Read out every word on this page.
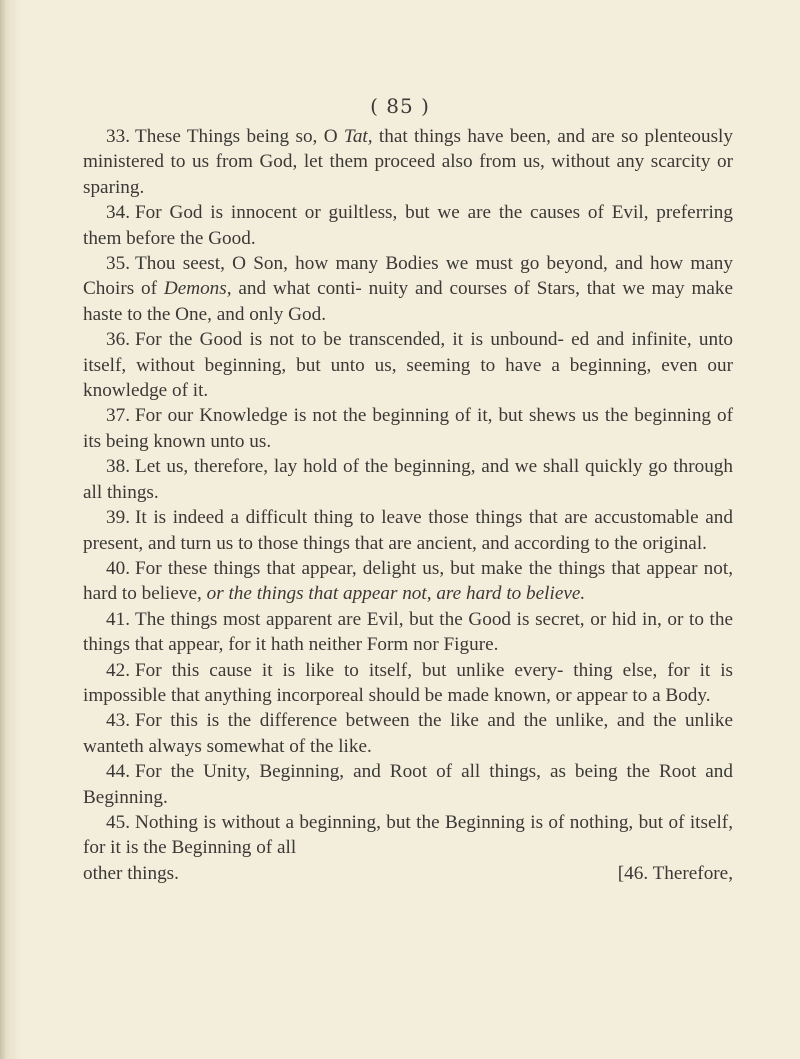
( 85 )

33. These Things being so, O Tat, that things have been, and are so plenteously ministered to us from God, let them proceed also from us, without any scarcity or sparing.

34. For God is innocent or guiltless, but we are the causes of Evil, preferring them before the Good.

35. Thou seest, O Son, how many Bodies we must go beyond, and how many Choirs of Demons, and what conti- nuity and courses of Stars, that we may make haste to the One, and only God.

36. For the Good is not to be transcended, it is unbound- ed and infinite, unto itself, without beginning, but unto us, seeming to have a beginning, even our knowledge of it.

37. For our Knowledge is not the beginning of it, but shews us the beginning of its being known unto us.

38. Let us, therefore, lay hold of the beginning, and we shall quickly go through all things.

39. It is indeed a difficult thing to leave those things that are accustomable and present, and turn us to those things that are ancient, and according to the original.

40. For these things that appear, delight us, but make the things that appear not, hard to believe, or the things that appear not, are hard to believe.

41. The things most apparent are Evil, but the Good is secret, or hid in, or to the things that appear, for it hath neither Form nor Figure.

42. For this cause it is like to itself, but unlike every- thing else, for it is impossible that anything incorporeal should be made known, or appear to a Body.

43. For this is the difference between the like and the unlike, and the unlike wanteth always somewhat of the like.

44. For the Unity, Beginning, and Root of all things, as being the Root and Beginning.

45. Nothing is without a beginning, but the Beginning is of nothing, but of itself, for it is the Beginning of all

other things.	[46. Therefore,
